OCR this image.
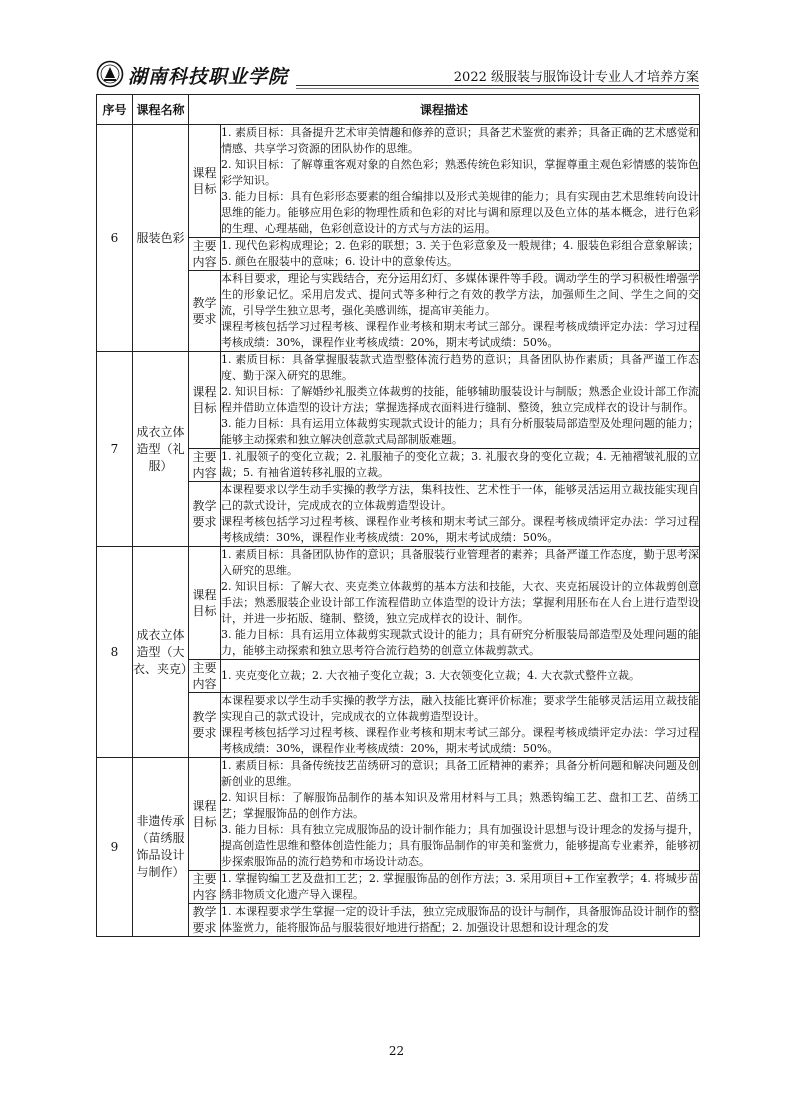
湖南科技职业学院	2022 级服装与服饰设计专业人才培养方案
序号	课程名称	课程描述	
6	服装色彩	课程目标	1. 素质目标：具备提升艺术审美情趣和修养的意识；具备艺术鉴赏的素养；具备正确的艺术感觉和情感、共享学习资源的团队协作的思维。
2. 知识目标：了解尊重客观对象的自然色彩；熟悉传统色彩知识，掌握尊重主观色彩情感的装饰色彩学知识。
3. 能力目标：具有色彩形态要素的组合编排以及形式美规律的能力；具有实现由艺术思维转向设计思维的能力。能够应用色彩的物理性质和色彩的对比与调和原理以及色立体的基本概念，进行色彩的生理、心理基础，色彩创意设计的方式与方法的运用。

		主要内容	1. 现代色彩构成理论；2. 色彩的联想；3. 关于色彩意象及一般规律；4. 服装色彩组合意象解读；5. 颜色在服装中的意味；6. 设计中的意象传达。
		教学要求	本科目要求，理论与实践结合，充分运用幻灯、多媒体课件等手段。调动学生的学习积极性增强学生的形象记忆。采用启发式、提问式等多种行之有效的教学方法，加强师生之间、学生之间的交流，引导学生独立思考，强化美感训练，提高审美能力。
课程考核包括学习过程考核、课程作业考核和期末考试三部分。课程考核成绩评定办法：学习过程考核成绩：30%，课程作业考核成绩：20%，期末考试成绩：50%。

7	成衣立体造型（礼服）	课程目标	1. 素质目标：具备掌握服装款式造型整体流行趋势的意识；具备团队协作素质；具备严谨工作态度、勤于深入研究的思维。
2. 知识目标：了解婚纱礼服类立体裁剪的技能，能够辅助服装设计与制版；熟悉企业设计部工作流程并借助立体造型的设计方法；掌握选择成衣面料进行缝制、整烫，独立完成样衣的设计与制作。
3. 能力目标：具有运用立体裁剪实现款式设计的能力；具有分析服装局部造型及处理问题的能力；能够主动探索和独立解决创意款式局部制版难题。

		主要内容	1. 礼服领子的变化立裁；2. 礼服袖子的变化立裁；3. 礼服衣身的变化立裁；4. 无袖褶皱礼服的立裁；5. 有袖省道转移礼服的立裁。
		教学要求	本课程要求以学生动手实操的教学方法，集科技性、艺术性于一体，能够灵活运用立裁技能实现自己的款式设计，完成成衣的立体裁剪造型设计。
课程考核包括学习过程考核、课程作业考核和期末考试三部分。课程考核成绩评定办法：学习过程考核成绩：30%，课程作业考核成绩：20%，期末考试成绩：50%。

8	成衣立体造型（大衣、夹克）	课程目标	1. 素质目标：具备团队协作的意识；具备服装行业管理者的素养；具备严谨工作态度，勤于思考深入研究的思维。
2. 知识目标：了解大衣、夹克类立体裁剪的基本方法和技能，大衣、夹克拓展设计的立体裁剪创意手法；熟悉服装企业设计部工作流程借助立体造型的设计方法；掌握利用胚布在人台上进行造型设计，并进一步拓版、缝制、整烫，独立完成样衣的设计、制作。
3. 能力目标：具有运用立体裁剪实现款式设计的能力；具有研究分析服装局部造型及处理问题的能力，能够主动探索和独立思考符合流行趋势的创意立体裁剪款式。

		主要内容	1. 夹克变化立裁；2. 大衣袖子变化立裁；3. 大衣领变化立裁；4. 大衣款式整件立裁。
		教学要求	本课程要求以学生动手实操的教学方法，融入技能比赛评价标准；要求学生能够灵活运用立裁技能实现自己的款式设计，完成成衣的立体裁剪造型设计。
课程考核包括学习过程考核、课程作业考核和期末考试三部分。课程考核成绩评定办法：学习过程考核成绩：30%，课程作业考核成绩：20%，期末考试成绩：50%。

9	非遗传承（苗绣服饰品设计与制作）	课程目标	1. 素质目标：具备传统技艺苗绣研习的意识；具备工匠精神的素养；具备分析问题和解决问题及创新创业的思维。
2. 知识目标：了解服饰品制作的基本知识及常用材料与工具；熟悉钩编工艺、盘扣工艺、苗绣工艺；掌握服饰品的创作方法。
3. 能力目标：具有独立完成服饰品的设计制作能力；具有加强设计思想与设计理念的发扬与提升，提高创造性思维和整体创造性能力；具有服饰品制作的审美和鉴赏力，能够提高专业素养，能够初步探索服饰品的流行趋势和市场设计动态。

		主要内容	1. 掌握钩编工艺及盘扣工艺；2. 掌握服饰品的创作方法；3. 采用项目+工作室教学；4. 将城步苗绣非物质文化遗产导入课程。
		教学要求	1. 本课程要求学生掌握一定的设计手法，独立完成服饰品的设计与制作，具备服饰品设计制作的整体鉴赏力，能将服饰品与服装很好地进行搭配；2. 加强设计思想和设计理念的发
22
